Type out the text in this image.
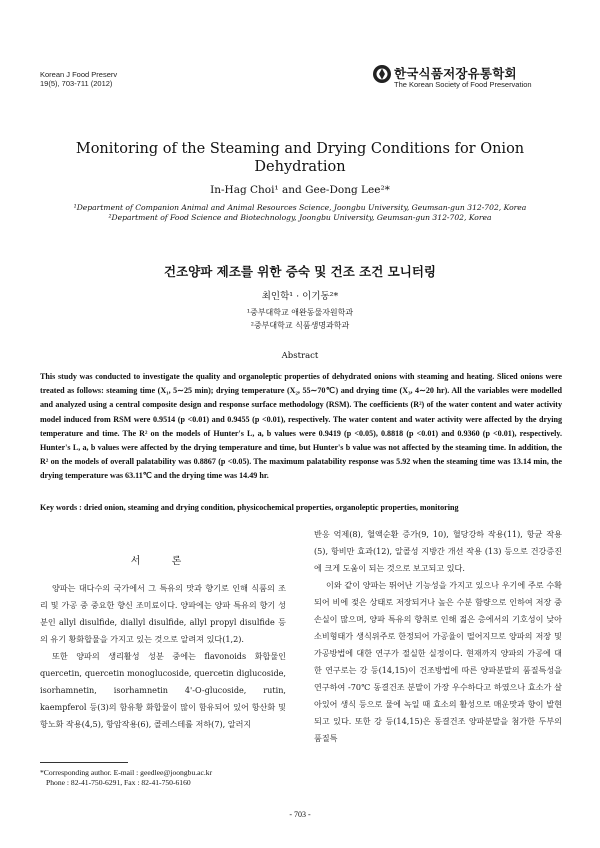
Korean J Food Preserv
19(5), 703-711 (2012)
한국식품저장유통학회
The Korean Society of Food Preservation
Monitoring of the Steaming and Drying Conditions for Onion Dehydration
In-Hag Choi¹ and Gee-Dong Lee²*
¹Department of Companion Animal and Animal Resources Science, Joongbu University, Geumsan-gun 312-702, Korea
²Department of Food Science and Biotechnology, Joongbu University, Geumsan-gun 312-702, Korea
건조양파 제조를 위한 증숙 및 건조 조건 모니터링
최인학¹ · 이기동²*
¹중부대학교 애완동물자원학과
²중부대학교 식품생명과학과
Abstract
This study was conducted to investigate the quality and organoleptic properties of dehydrated onions with steaming and heating. Sliced onions were treated as follows: steaming time (X₁, 5∼25 min); drying temperature (X₂, 55∼70℃) and drying time (X₃, 4∼20 hr). All the variables were modelled and analyzed using a central composite design and response surface methodology (RSM). The coefficients (R²) of the water content and water activity model induced from RSM were 0.9514 (p <0.01) and 0.9455 (p <0.01), respectively. The water content and water activity were affected by the drying temperature and time. The R² on the models of Hunter's L, a, b values were 0.9419 (p <0.05), 0.8818 (p <0.01) and 0.9360 (p <0.01), respectively. Hunter's L, a, b values were affected by the drying temperature and time, but Hunter's b value was not affected by the steaming time. In addition, the R² on the models of overall palatability was 0.8867 (p <0.05). The maximum palatability response was 5.92 when the steaming time was 13.14 min, the drying temperature was 63.11℃ and the drying time was 14.49 hr.
Key words : dried onion, steaming and drying condition, physicochemical properties, organoleptic properties, monitoring
서 론

양파는 대다수의 국가에서 그 특유의 맛과 향기로 인해 식품의 조리 및 가공 중 중요한 향신 조미료이다. 양파에는 양파 특유의 향기 성분인 allyl disulfide, diallyl disulfide, allyl propyl disulfide 등의 유기 황화합물을 가지고 있는 것으로 알려져 있다(1,2).

또한 양파의 생리활성 성분 중에는 flavonoids 화합물인 quercetin, quercetin monoglucoside, quercetin diglucoside, isorhamnetin, isorhamnetin 4'-O-glucoside, rutin, kaempferol 등(3)의 함유황 화합물이 많이 함유되어 있어 항산화 및 항노화 작용(4,5), 항암작용(6), 콜레스테롤 저하(7), 알러지

반응 억제(8), 혈액순환 증가(9, 10), 혈당강하 작용(11), 항균 작용(5), 항비만 효과(12), 알콜성 지방간 개선 작용 (13) 등으로 건강증진에 크게 도움이 되는 것으로 보고되고 있다.

이와 같이 양파는 뛰어난 기능성을 가지고 있으나 우기에 주로 수확되어 비에 젖은 상태로 저장되거나 높은 수분 함량으로 인하여 저장 중 손실이 많으며, 양파 특유의 향취로 인해 젊은 층에서의 기호성이 낮아 소비형태가 생식위주로 한정되어 가공율이 떨어지므로 양파의 저장 및 가공방법에 대한 연구가 절실한 실정이다. 현재까지 양파의 가공에 대한 연구로는 강 등(14,15)이 건조방법에 따른 양파분말의 품질특성을 연구하여 -70℃ 동결건조 분말이 가장 우수하다고 하였으나 효소가 살아있어 생식 등으로 물에 녹일 때 효소의 활성으로 매운맛과 향이 발현되고 있다. 또한 강 등(14,15)은 동결건조 양파분말을 첨가한 두부의 품질특

*Corresponding author. E-mail : geedlee@joongbu.ac.kr
Phone : 82-41-750-6291, Fax : 82-41-750-6160
- 703 -
